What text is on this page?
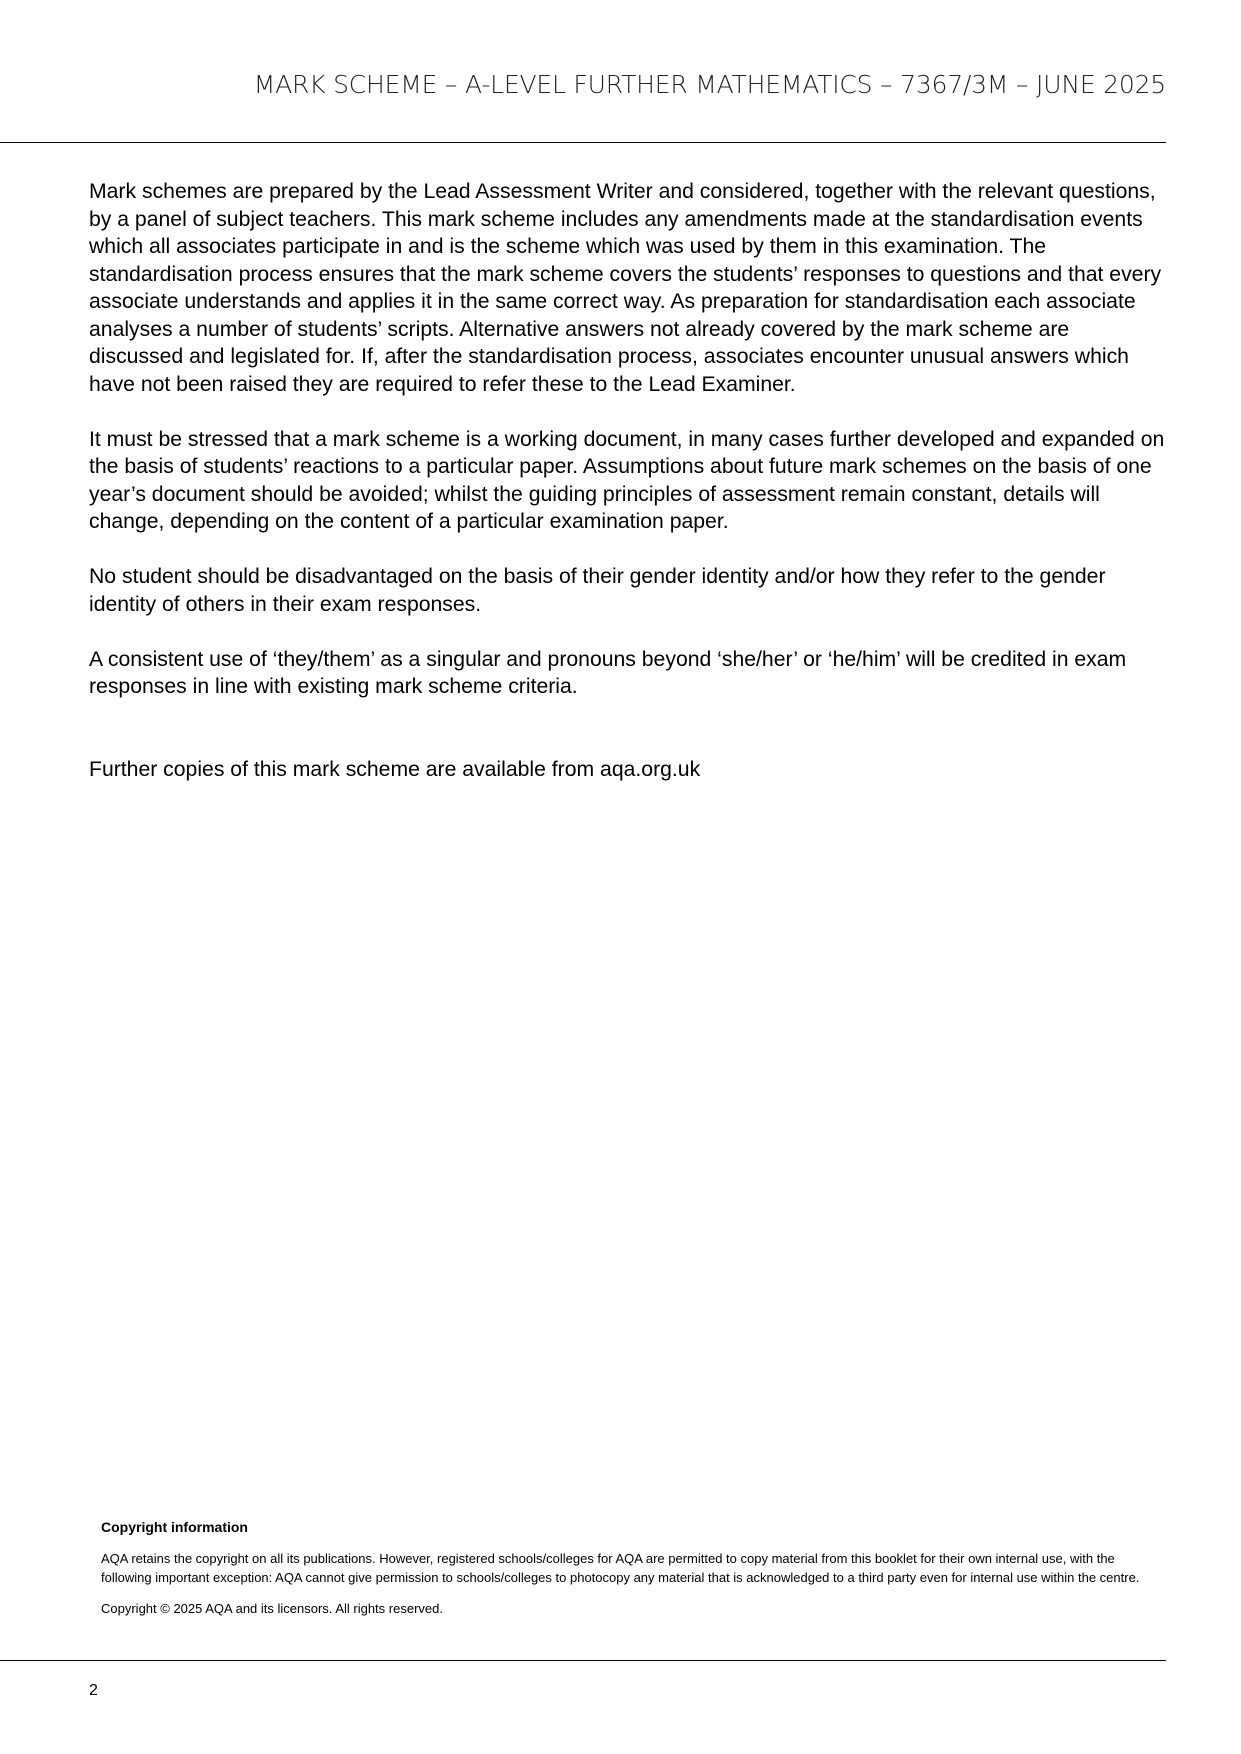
MARK SCHEME – A-LEVEL FURTHER MATHEMATICS – 7367/3M – JUNE 2025

Mark schemes are prepared by the Lead Assessment Writer and considered, together with the relevant questions, by a panel of subject teachers. This mark scheme includes any amendments made at the standardisation events which all associates participate in and is the scheme which was used by them in this examination. The standardisation process ensures that the mark scheme covers the students’ responses to questions and that every associate understands and applies it in the same correct way. As preparation for standardisation each associate analyses a number of students’ scripts. Alternative answers not already covered by the mark scheme are discussed and legislated for. If, after the standardisation process, associates encounter unusual answers which have not been raised they are required to refer these to the Lead Examiner.

It must be stressed that a mark scheme is a working document, in many cases further developed and expanded on the basis of students’ reactions to a particular paper. Assumptions about future mark schemes on the basis of one year’s document should be avoided; whilst the guiding principles of assessment remain constant, details will change, depending on the content of a particular examination paper.

No student should be disadvantaged on the basis of their gender identity and/or how they refer to the gender identity of others in their exam responses.

A consistent use of ‘they/them’ as a singular and pronouns beyond ‘she/her’ or ‘he/him’ will be credited in exam responses in line with existing mark scheme criteria.

Further copies of this mark scheme are available from aqa.org.uk

Copyright information

AQA retains the copyright on all its publications. However, registered schools/colleges for AQA are permitted to copy material from this booklet for their own internal use, with the following important exception: AQA cannot give permission to schools/colleges to photocopy any material that is acknowledged to a third party even for internal use within the centre.

Copyright © 2025 AQA and its licensors. All rights reserved.

2
